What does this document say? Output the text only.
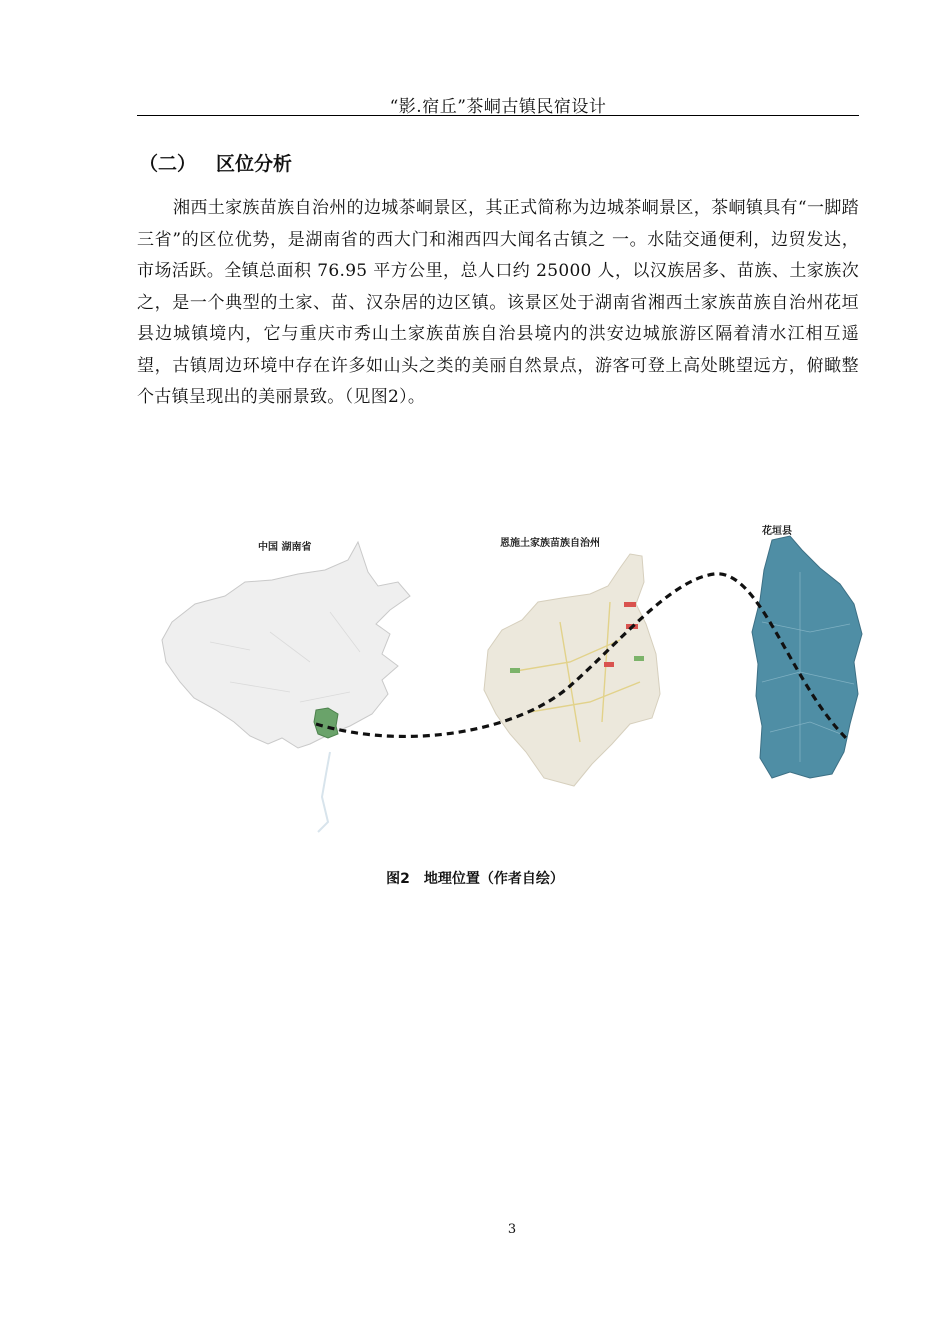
“影.宿丘”茶峒古镇民宿设计
（二） 区位分析
湘西土家族苗族自治州的边城茶峒景区，其正式简称为边城茶峒景区，茶峒镇具有“一脚踏三省”的区位优势，是湖南省的西大门和湘西四大闻名古镇之 一。水陆交通便利，边贸发达，市场活跃。全镇总面积 76.95 平方公里，总人口约 25000 人，以汉族居多、苗族、土家族次之，是一个典型的土家、苗、汉杂居的边区镇。该景区处于湖南省湘西土家族苗族自治州花垣县边城镇境内，它与重庆市秀山土家族苗族自治县境内的洪安边城旅游区隔着清水江相互遥望，古镇周边环境中存在许多如山头之类的美丽自然景点，游客可登上高处眺望远方，俯瞰整个古镇呈现出的美丽景致。（见图2）。
中国 湖南省	恩施土家族苗族自治州
花垣县
图2 地理位置（作者自绘）
3
